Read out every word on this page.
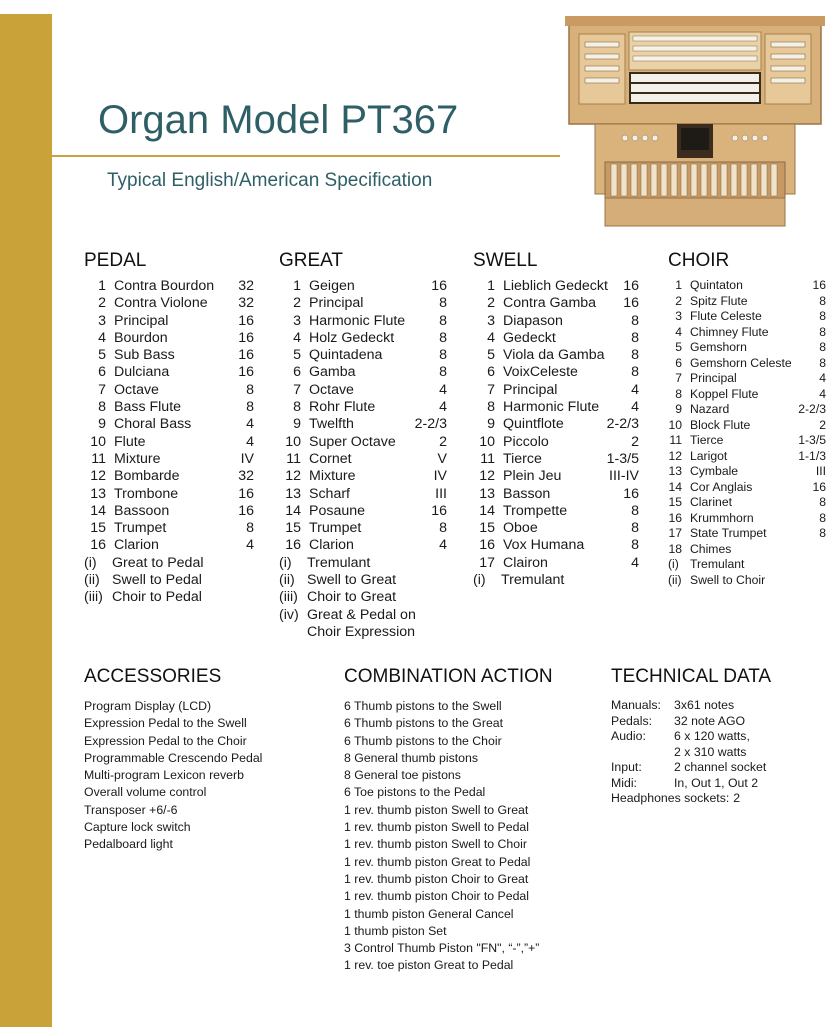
Organ Model PT367
Typical English/American Specification
PEDAL
1 Contra Bourdon	32
2 Contra Violone	32
3 Principal	16
4 Bourdon	16
5 Sub Bass	16
6 Dulciana	16
7 Octave	8
8 Bass Flute	8
9 Choral Bass	4
10 Flute	4
11 Mixture	IV
12 Bombarde	32
13 Trombone	16
14 Bassoon	16
15 Trumpet	8
16 Clarion	4
(i)	Great to Pedal
(ii) Swell to Pedal
(iii) Choir to Pedal
GREAT
1 Geigen	16
2 Principal	8
3 Harmonic Flute	8
4 Holz Gedeckt	8
5 Quintadena	8
6 Gamba	8
7 Octave	4
8 Rohr Flute	4
9 Twelfth	2-2/3
10 Super Octave	2
11 Cornet	V
12 Mixture	IV
13 Scharf	III
14 Posaune	16
15 Trumpet	8
16 Clarion	4
(i)	Tremulant
(ii) Swell to Great
(iii) Choir to Great
(iv) Great & Pedal on Choir Expression
SWELL
1 Lieblich Gedeckt	16
2 Contra Gamba	16
3 Diapason	8
4 Gedeckt	8
5 Viola da Gamba	8
6 VoixCeleste	8
7 Principal	4
8 Harmonic Flute	4
9 Quintflote	2-2/3
10 Piccolo	2
11 Tierce	1-3/5
12 Plein Jeu	III-IV
13 Basson	16
14 Trompette	8
15 Oboe	8
16 Vox Humana	8
17 Clairon	4
(i)	Tremulant
CHOIR
1 Quintaton	16
2 Spitz Flute	8
3 Flute Celeste	8
4 Chimney Flute	8
5 Gemshorn	8
6 Gemshorn Celeste	8
7 Principal	4
8 Koppel Flute	4
9 Nazard	2-2/3
10 Block Flute	2
11 Tierce	1-3/5
12 Larigot	1-1/3
13 Cymbale	III
14 Cor Anglais	16
15 Clarinet	8
16 Krummhorn	8
17 State Trumpet	8
18 Chimes
(i) Tremulant
(ii) Swell to Choir
ACCESSORIES
Program Display (LCD)
Expression Pedal to the Swell
Expression Pedal to the Choir
Programmable Crescendo Pedal
Multi-program Lexicon reverb
Overall volume control
Transposer +6/-6
Capture lock switch
Pedalboard light
COMBINATION ACTION
6 Thumb pistons to the Swell
6 Thumb pistons to the Great
6 Thumb pistons to the Choir
8 General thumb pistons
8 General toe pistons
6 Toe pistons to the Pedal
1 rev. thumb piston Swell to Great
1 rev. thumb piston Swell to Pedal
1 rev. thumb piston Swell to Choir
1 rev. thumb piston Great to Pedal
1 rev. thumb piston Choir to Great
1 rev. thumb piston Choir to Pedal
1 thumb piston General Cancel
1 thumb piston Set
3 Control Thumb Piston "FN", “-”,”+”
1 rev. toe piston Great to Pedal
TECHNICAL DATA
Manuals:	3x61 notes
Pedals:	32 note AGO
Audio:	6 x 120 watts,
2 x 310 watts
Input:	2 channel socket
Midi:	In, Out 1, Out 2
Headphones sockets: 2
